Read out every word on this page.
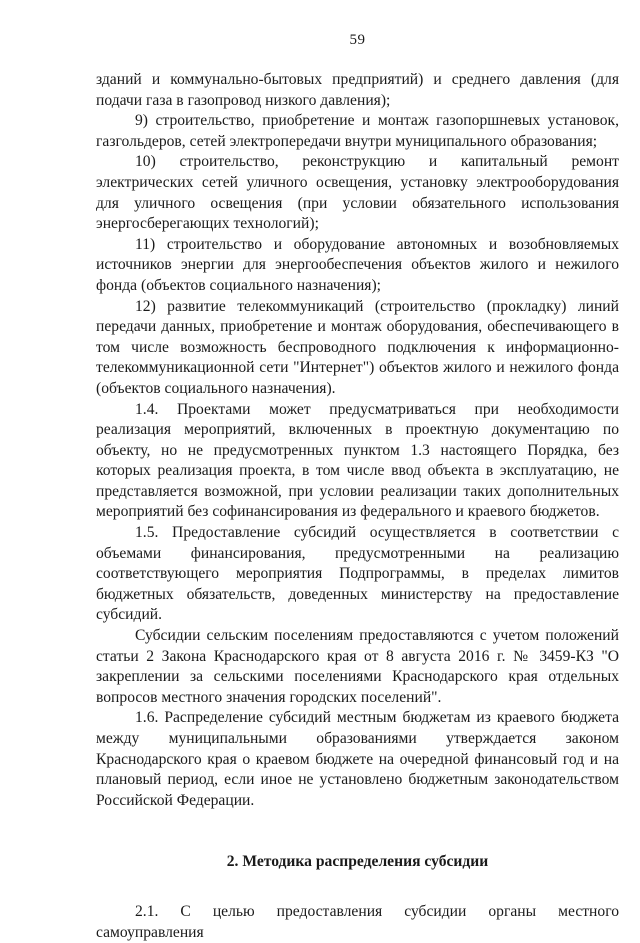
59

зданий и коммунально-бытовых предприятий) и среднего давления (для подачи газа в газопровод низкого давления);

9) строительство, приобретение и монтаж газопоршневых установок, газгольдеров, сетей электропередачи внутри муниципального образования;

10) строительство, реконструкцию и капитальный ремонт электрических сетей уличного освещения, установку электрооборудования для уличного освещения (при условии обязательного использования энергосберегающих технологий);

11) строительство и оборудование автономных и возобновляемых источников энергии для энергообеспечения объектов жилого и нежилого фонда (объектов социального назначения);

12) развитие телекоммуникаций (строительство (прокладку) линий передачи данных, приобретение и монтаж оборудования, обеспечивающего в том числе возможность беспроводного подключения к информационно-телекоммуникационной сети "Интернет") объектов жилого и нежилого фонда (объектов социального назначения).

1.4. Проектами может предусматриваться при необходимости реализация мероприятий, включенных в проектную документацию по объекту, но не предусмотренных пунктом 1.3 настоящего Порядка, без которых реализация проекта, в том числе ввод объекта в эксплуатацию, не представляется возможной, при условии реализации таких дополнительных мероприятий без софинансирования из федерального и краевого бюджетов.

1.5. Предоставление субсидий осуществляется в соответствии с объемами финансирования, предусмотренными на реализацию соответствующего мероприятия Подпрограммы, в пределах лимитов бюджетных обязательств, доведенных министерству на предоставление субсидий.

Субсидии сельским поселениям предоставляются с учетом положений статьи 2 Закона Краснодарского края от 8 августа 2016 г. № 3459-КЗ "О закреплении за сельскими поселениями Краснодарского края отдельных вопросов местного значения городских поселений".

1.6. Распределение субсидий местным бюджетам из краевого бюджета между муниципальными образованиями утверждается законом Краснодарского края о краевом бюджете на очередной финансовый год и на плановый период, если иное не установлено бюджетным законодательством Российской Федерации.

2. Методика распределения субсидии

2.1. С целью предоставления субсидии органы местного самоуправления
